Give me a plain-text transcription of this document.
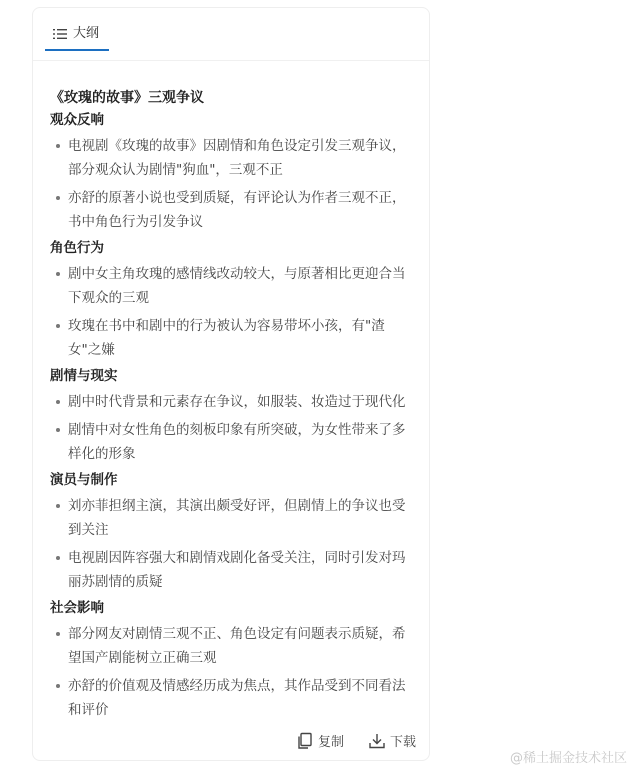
大纲
《玫瑰的故事》三观争议
观众反响
电视剧《玫瑰的故事》因剧情和角色设定引发三观争议，部分观众认为剧情"狗血"，三观不正
亦舒的原著小说也受到质疑，有评论认为作者三观不正，书中角色行为引发争议
角色行为
剧中女主角玫瑰的感情线改动较大，与原著相比更迎合当下观众的三观
玫瑰在书中和剧中的行为被认为容易带坏小孩，有"渣女"之嫌
剧情与现实
剧中时代背景和元素存在争议，如服装、妆造过于现代化
剧情中对女性角色的刻板印象有所突破，为女性带来了多样化的形象
演员与制作
刘亦菲担纲主演，其演出颇受好评，但剧情上的争议也受到关注
电视剧因阵容强大和剧情戏剧化备受关注，同时引发对玛丽苏剧情的质疑
社会影响
部分网友对剧情三观不正、角色设定有问题表示质疑，希望国产剧能树立正确三观
亦舒的价值观及情感经历成为焦点，其作品受到不同看法和评价
复制	下载
@稀土掘金技术社区
